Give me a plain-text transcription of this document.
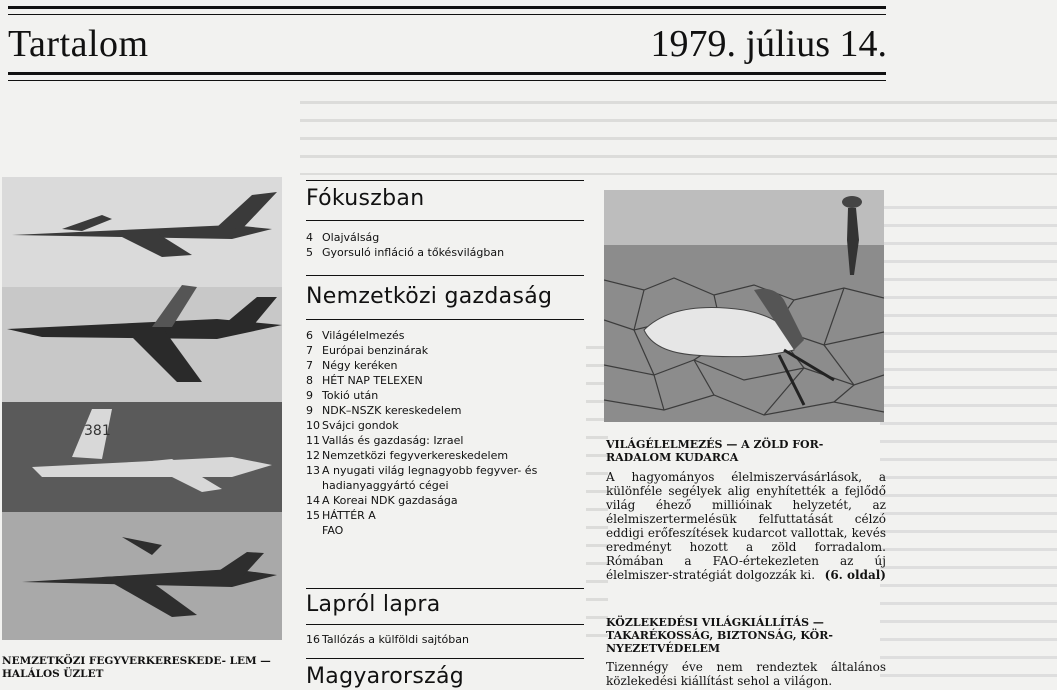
Tartalom	1979. július 14.
381
NEMZETKÖZI FEGYVERKERESKEDE- LEM — HALÁLOS ÜZLET
Fókuszban
4 Olajválság
5 Gyorsuló infláció a tőkésvilágban
Nemzetközi gazdaság
6 Világélelmezés
7 Európai benzinárak
7 Négy keréken
8 HÉT NAP TELEXEN
9 Tokió után
9 NDK–NSZK kereskedelem
10 Svájci gondok
11 Vallás és gazdaság: Izrael
12 Nemzetközi fegyverkereskedelem
13 A nyugati világ legnagyobb fegyver- és hadianyaggyártó cégei
14 A Koreai NDK gazdasága
15 HÁTTÉR A FAO
Lapról lapra
16 Tallózás a külföldi sajtóban
Magyarország
VILÁGÉLELMEZÉS — A ZÖLD FOR- RADALOM KUDARCA
A hagyományos élelmiszervásárlások, a különféle segélyek alig enyhítették a fejlődő világ éhező millióinak helyzetét, az élelmiszertermelésük felfuttatását célzó eddigi erőfeszítések kudarcot vallottak, kevés eredményt hozott a zöld forradalom. Rómában a FAO-értekezleten az új élelmiszer-stratégiát dolgozzák ki. (6. oldal)
KÖZLEKEDÉSI VILÁGKIÁLLÍTÁS — TAKARÉKOSSÁG, BIZTONSÁG, KÖR- NYEZETVÉDELEM
Tizennégy éve nem rendeztek általános közlekedési kiállítást sehol a világon.
